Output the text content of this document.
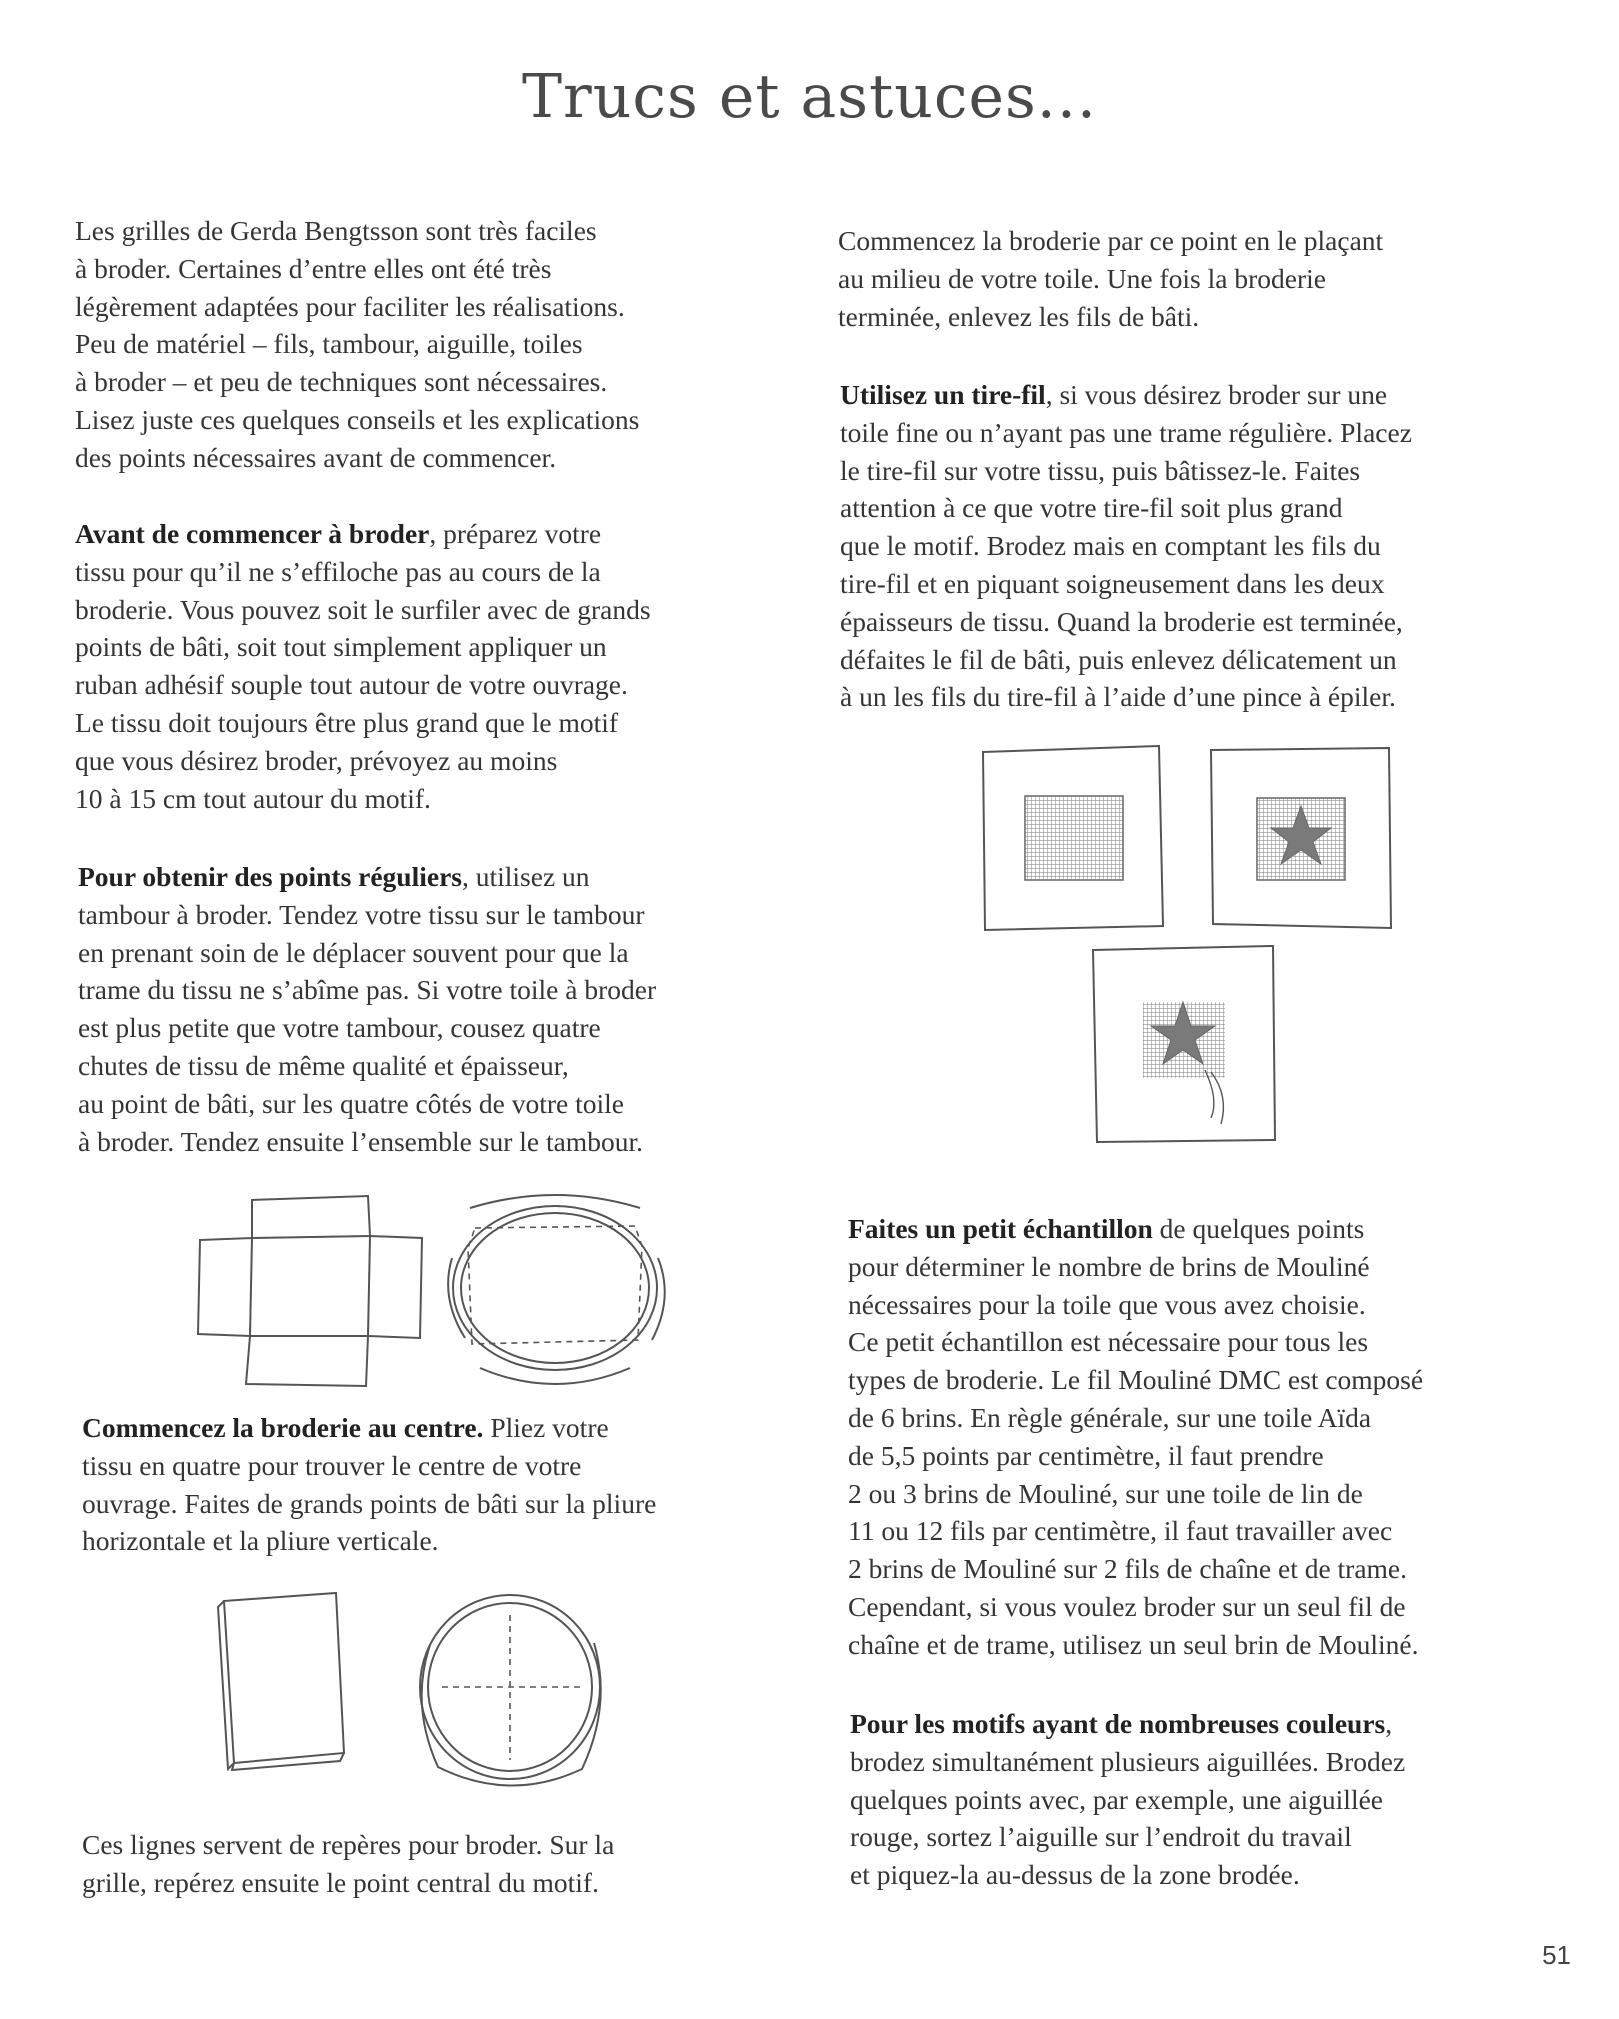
Trucs et astuces...

Les grilles de Gerda Bengtsson sont très faciles
à broder. Certaines d’entre elles ont été très
légèrement adaptées pour faciliter les réalisations.
Peu de matériel – fils, tambour, aiguille, toiles
à broder – et peu de techniques sont nécessaires.
Lisez juste ces quelques conseils et les explications
des points nécessaires avant de commencer.

Avant de commencer à broder, préparez votre
tissu pour qu’il ne s’effiloche pas au cours de la
broderie. Vous pouvez soit le surfiler avec de grands
points de bâti, soit tout simplement appliquer un
ruban adhésif souple tout autour de votre ouvrage.
Le tissu doit toujours être plus grand que le motif
que vous désirez broder, prévoyez au moins
10 à 15 cm tout autour du motif.

Pour obtenir des points réguliers, utilisez un
tambour à broder. Tendez votre tissu sur le tambour
en prenant soin de le déplacer souvent pour que la
trame du tissu ne s’abîme pas. Si votre toile à broder
est plus petite que votre tambour, cousez quatre
chutes de tissu de même qualité et épaisseur,
au point de bâti, sur les quatre côtés de votre toile
à broder. Tendez ensuite l’ensemble sur le tambour.

Commencez la broderie au centre. Pliez votre
tissu en quatre pour trouver le centre de votre
ouvrage. Faites de grands points de bâti sur la pliure
horizontale et la pliure verticale.

Ces lignes servent de repères pour broder. Sur la
grille, repérez ensuite le point central du motif.

Commencez la broderie par ce point en le plaçant
au milieu de votre toile. Une fois la broderie
terminée, enlevez les fils de bâti.

Utilisez un tire-fil, si vous désirez broder sur une
toile fine ou n’ayant pas une trame régulière. Placez
le tire-fil sur votre tissu, puis bâtissez-le. Faites
attention à ce que votre tire-fil soit plus grand
que le motif. Brodez mais en comptant les fils du
tire-fil et en piquant soigneusement dans les deux
épaisseurs de tissu. Quand la broderie est terminée,
défaites le fil de bâti, puis enlevez délicatement un
à un les fils du tire-fil à l’aide d’une pince à épiler.

Faites un petit échantillon de quelques points
pour déterminer le nombre de brins de Mouliné
nécessaires pour la toile que vous avez choisie.
Ce petit échantillon est nécessaire pour tous les
types de broderie. Le fil Mouliné DMC est composé
de 6 brins. En règle générale, sur une toile Aïda
de 5,5 points par centimètre, il faut prendre
2 ou 3 brins de Mouliné, sur une toile de lin de
11 ou 12 fils par centimètre, il faut travailler avec
2 brins de Mouliné sur 2 fils de chaîne et de trame.
Cependant, si vous voulez broder sur un seul fil de
chaîne et de trame, utilisez un seul brin de Mouliné.

Pour les motifs ayant de nombreuses couleurs,
brodez simultanément plusieurs aiguillées. Brodez
quelques points avec, par exemple, une aiguillée
rouge, sortez l’aiguille sur l’endroit du travail
et piquez-la au-dessus de la zone brodée.

51
